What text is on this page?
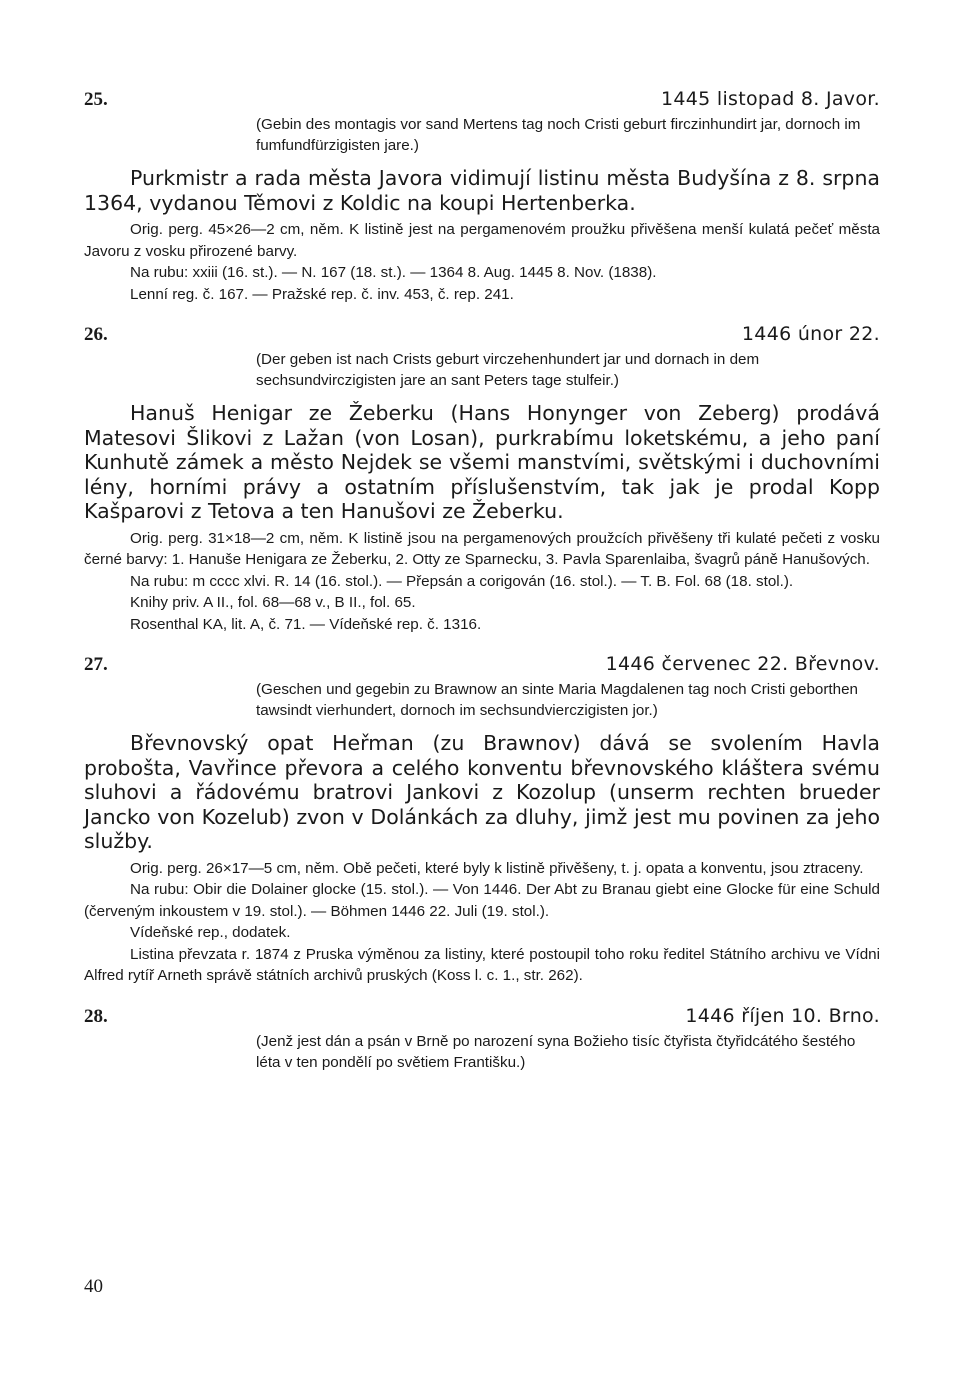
25.	1445 listopad 8. Javor.

(Gebin des montagis vor sand Mertens tag noch Cristi geburt firczinhundirt jar, dornoch im fumfundfürzigisten jare.)

Purkmistr a rada města Javora vidimují listinu města Budyšína z 8. srpna 1364, vydanou Těmovi z Koldic na koupi Hertenberka.

Orig. perg. 45×26—2 cm, něm. K listině jest na pergamenovém proužku přivěšena menší kulatá pečeť města Javoru z vosku přirozené barvy.

Na rubu: xxiii (16. st.). — N. 167 (18. st.). — 1364 8. Aug. 1445 8. Nov. (1838).

Lenní reg. č. 167. — Pražské rep. č. inv. 453, č. rep. 241.

26.	1446 únor 22.

(Der geben ist nach Crists geburt virczehenhundert jar und dornach in dem sechsundvirczigisten jare an sant Peters tage stulfeir.)

Hanuš Henigar ze Žeberku (Hans Honynger von Zeberg) prodává Matesovi Šlikovi z Lažan (von Losan), purkrabímu loketskému, a jeho paní Kunhutě zámek a město Nejdek se všemi manstvími, světskými i duchovními lény, horními právy a ostatním příslušenstvím, tak jak je prodal Kopp Kašparovi z Tetova a ten Hanušovi ze Žeberku.

Orig. perg. 31×18—2 cm, něm. K listině jsou na pergamenových proužcích přivěšeny tři kulaté pečeti z vosku černé barvy: 1. Hanuše Henigara ze Žeberku, 2. Otty ze Sparnecku, 3. Pavla Sparenlaiba, švagrů páně Hanušových.

Na rubu: m cccc xlvi. R. 14 (16. stol.). — Přepsán a corigován (16. stol.). — T. B. Fol. 68 (18. stol.).

Knihy priv. A II., fol. 68—68 v., B II., fol. 65.

Rosenthal KA, lit. A, č. 71. — Vídeňské rep. č. 1316.

27.	1446 červenec 22. Břevnov.

(Geschen und gegebin zu Brawnow an sinte Maria Magdalenen tag noch Cristi geborthen tawsindt vierhundert, dornoch im sechsundvierczigisten jor.)

Břevnovský opat Heřman (zu Brawnov) dává se svolením Havla probošta, Vavřince převora a celého konventu břevnovského kláštera svému sluhovi a řádovému bratrovi Jankovi z Kozolup (unserm rechten brueder Jancko von Kozelub) zvon v Dolánkách za dluhy, jimž jest mu povinen za jeho služby.

Orig. perg. 26×17—5 cm, něm. Obě pečeti, které byly k listině přivěšeny, t. j. opata a konventu, jsou ztraceny.

Na rubu: Obir die Dolainer glocke (15. stol.). — Von 1446. Der Abt zu Branau giebt eine Glocke für eine Schuld (červeným inkoustem v 19. stol.). — Böhmen 1446 22. Juli (19. stol.).

Vídeňské rep., dodatek.

Listina převzata r. 1874 z Pruska výměnou za listiny, které postoupil toho roku ředitel Státního archivu ve Vídni Alfred rytíř Arneth správě státních archivů pruských (Koss l. c. 1., str. 262).

28.	1446 říjen 10. Brno.

(Jenž jest dán a psán v Brně po narození syna Božieho tisíc čtyřista čtyřidcátého šestého léta v ten pondělí po světiem Františku.)

40
